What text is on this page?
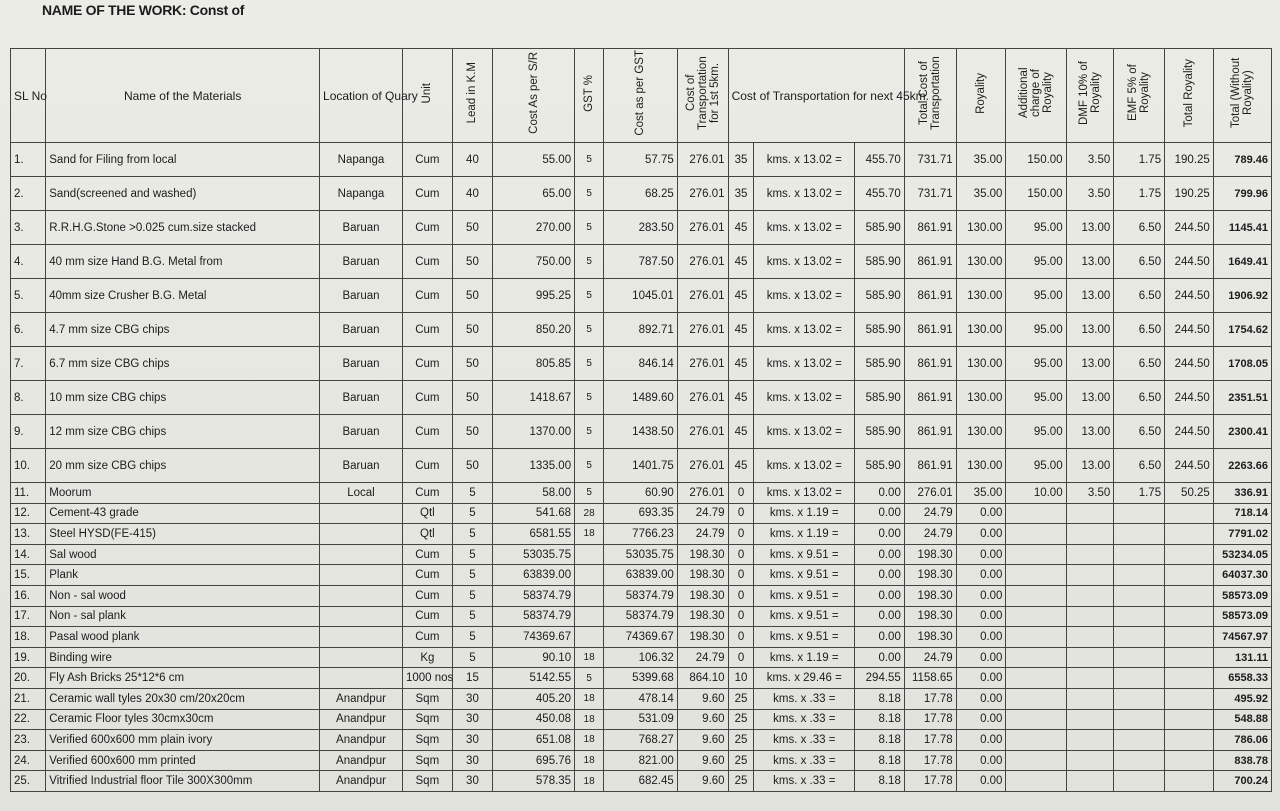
NAME OF THE WORK: Const of
SL No	Name of the Materials	Location of Quary	Unit	Lead in K.M	Cost As per S/R	GST %	Cost as per GST	Cost of Transportation for 1st 5km.	Cost of Transportation for next 45km.			Total Cost of Transportation	Royality	Additional charge of Royality	DMF 10% of Royality	EMF 5% of Royality	Total Royality	Total (Without Royality)
1.	Sand for Filing from local	Napanga	Cum	40	55.00	5	57.75	276.01	35	kms. x 13.02 =	455.70	731.71	35.00	150.00	3.50	1.75	190.25	789.46
2.	Sand(screened and washed)	Napanga	Cum	40	65.00	5	68.25	276.01	35	kms. x 13.02 =	455.70	731.71	35.00	150.00	3.50	1.75	190.25	799.96
3.	R.R.H.G.Stone >0.025 cum.size stacked	Baruan	Cum	50	270.00	5	283.50	276.01	45	kms. x 13.02 =	585.90	861.91	130.00	95.00	13.00	6.50	244.50	1145.41
4.	40 mm size Hand B.G. Metal from	Baruan	Cum	50	750.00	5	787.50	276.01	45	kms. x 13.02 =	585.90	861.91	130.00	95.00	13.00	6.50	244.50	1649.41
5.	40mm size Crusher B.G. Metal	Baruan	Cum	50	995.25	5	1045.01	276.01	45	kms. x 13.02 =	585.90	861.91	130.00	95.00	13.00	6.50	244.50	1906.92
6.	4.7 mm size CBG chips	Baruan	Cum	50	850.20	5	892.71	276.01	45	kms. x 13.02 =	585.90	861.91	130.00	95.00	13.00	6.50	244.50	1754.62
7.	6.7 mm size CBG chips	Baruan	Cum	50	805.85	5	846.14	276.01	45	kms. x 13.02 =	585.90	861.91	130.00	95.00	13.00	6.50	244.50	1708.05
8.	10 mm size CBG chips	Baruan	Cum	50	1418.67	5	1489.60	276.01	45	kms. x 13.02 =	585.90	861.91	130.00	95.00	13.00	6.50	244.50	2351.51
9.	12 mm size CBG chips	Baruan	Cum	50	1370.00	5	1438.50	276.01	45	kms. x 13.02 =	585.90	861.91	130.00	95.00	13.00	6.50	244.50	2300.41
10.	20 mm size CBG chips	Baruan	Cum	50	1335.00	5	1401.75	276.01	45	kms. x 13.02 =	585.90	861.91	130.00	95.00	13.00	6.50	244.50	2263.66
11.	Moorum	Local	Cum	5	58.00	5	60.90	276.01	0	kms. x 13.02 =	0.00	276.01	35.00	10.00	3.50	1.75	50.25	336.91
12.	Cement-43 grade		Qtl	5	541.68	28	693.35	24.79	0	kms. x 1.19 =	0.00	24.79	0.00					718.14
13.	Steel HYSD(FE-415)		Qtl	5	6581.55	18	7766.23	24.79	0	kms. x 1.19 =	0.00	24.79	0.00					7791.02
14.	Sal wood		Cum	5	53035.75		53035.75	198.30	0	kms. x 9.51 =	0.00	198.30	0.00					53234.05
15.	Plank		Cum	5	63839.00		63839.00	198.30	0	kms. x 9.51 =	0.00	198.30	0.00					64037.30
16.	Non - sal wood		Cum	5	58374.79		58374.79	198.30	0	kms. x 9.51 =	0.00	198.30	0.00					58573.09
17.	Non - sal plank		Cum	5	58374.79		58374.79	198.30	0	kms. x 9.51 =	0.00	198.30	0.00					58573.09
18.	Pasal wood plank		Cum	5	74369.67		74369.67	198.30	0	kms. x 9.51 =	0.00	198.30	0.00					74567.97
19.	Binding wire		Kg	5	90.10	18	106.32	24.79	0	kms. x 1.19 =	0.00	24.79	0.00					131.11
20.	Fly Ash Bricks 25*12*6 cm		1000 nos	15	5142.55	5	5399.68	864.10	10	kms. x 29.46 =	294.55	1158.65	0.00					6558.33
21.	Ceramic wall tyles 20x30 cm/20x20cm	Anandpur	Sqm	30	405.20	18	478.14	9.60	25	kms. x .33 =	8.18	17.78	0.00					495.92
22.	Ceramic Floor tyles 30cmx30cm	Anandpur	Sqm	30	450.08	18	531.09	9.60	25	kms. x .33 =	8.18	17.78	0.00					548.88
23.	Verified 600x600 mm plain ivory	Anandpur	Sqm	30	651.08	18	768.27	9.60	25	kms. x .33 =	8.18	17.78	0.00					786.06
24.	Verified 600x600 mm printed	Anandpur	Sqm	30	695.76	18	821.00	9.60	25	kms. x .33 =	8.18	17.78	0.00					838.78
25.	Vitrified Industrial floor Tile 300X300mm	Anandpur	Sqm	30	578.35	18	682.45	9.60	25	kms. x .33 =	8.18	17.78	0.00					700.24
